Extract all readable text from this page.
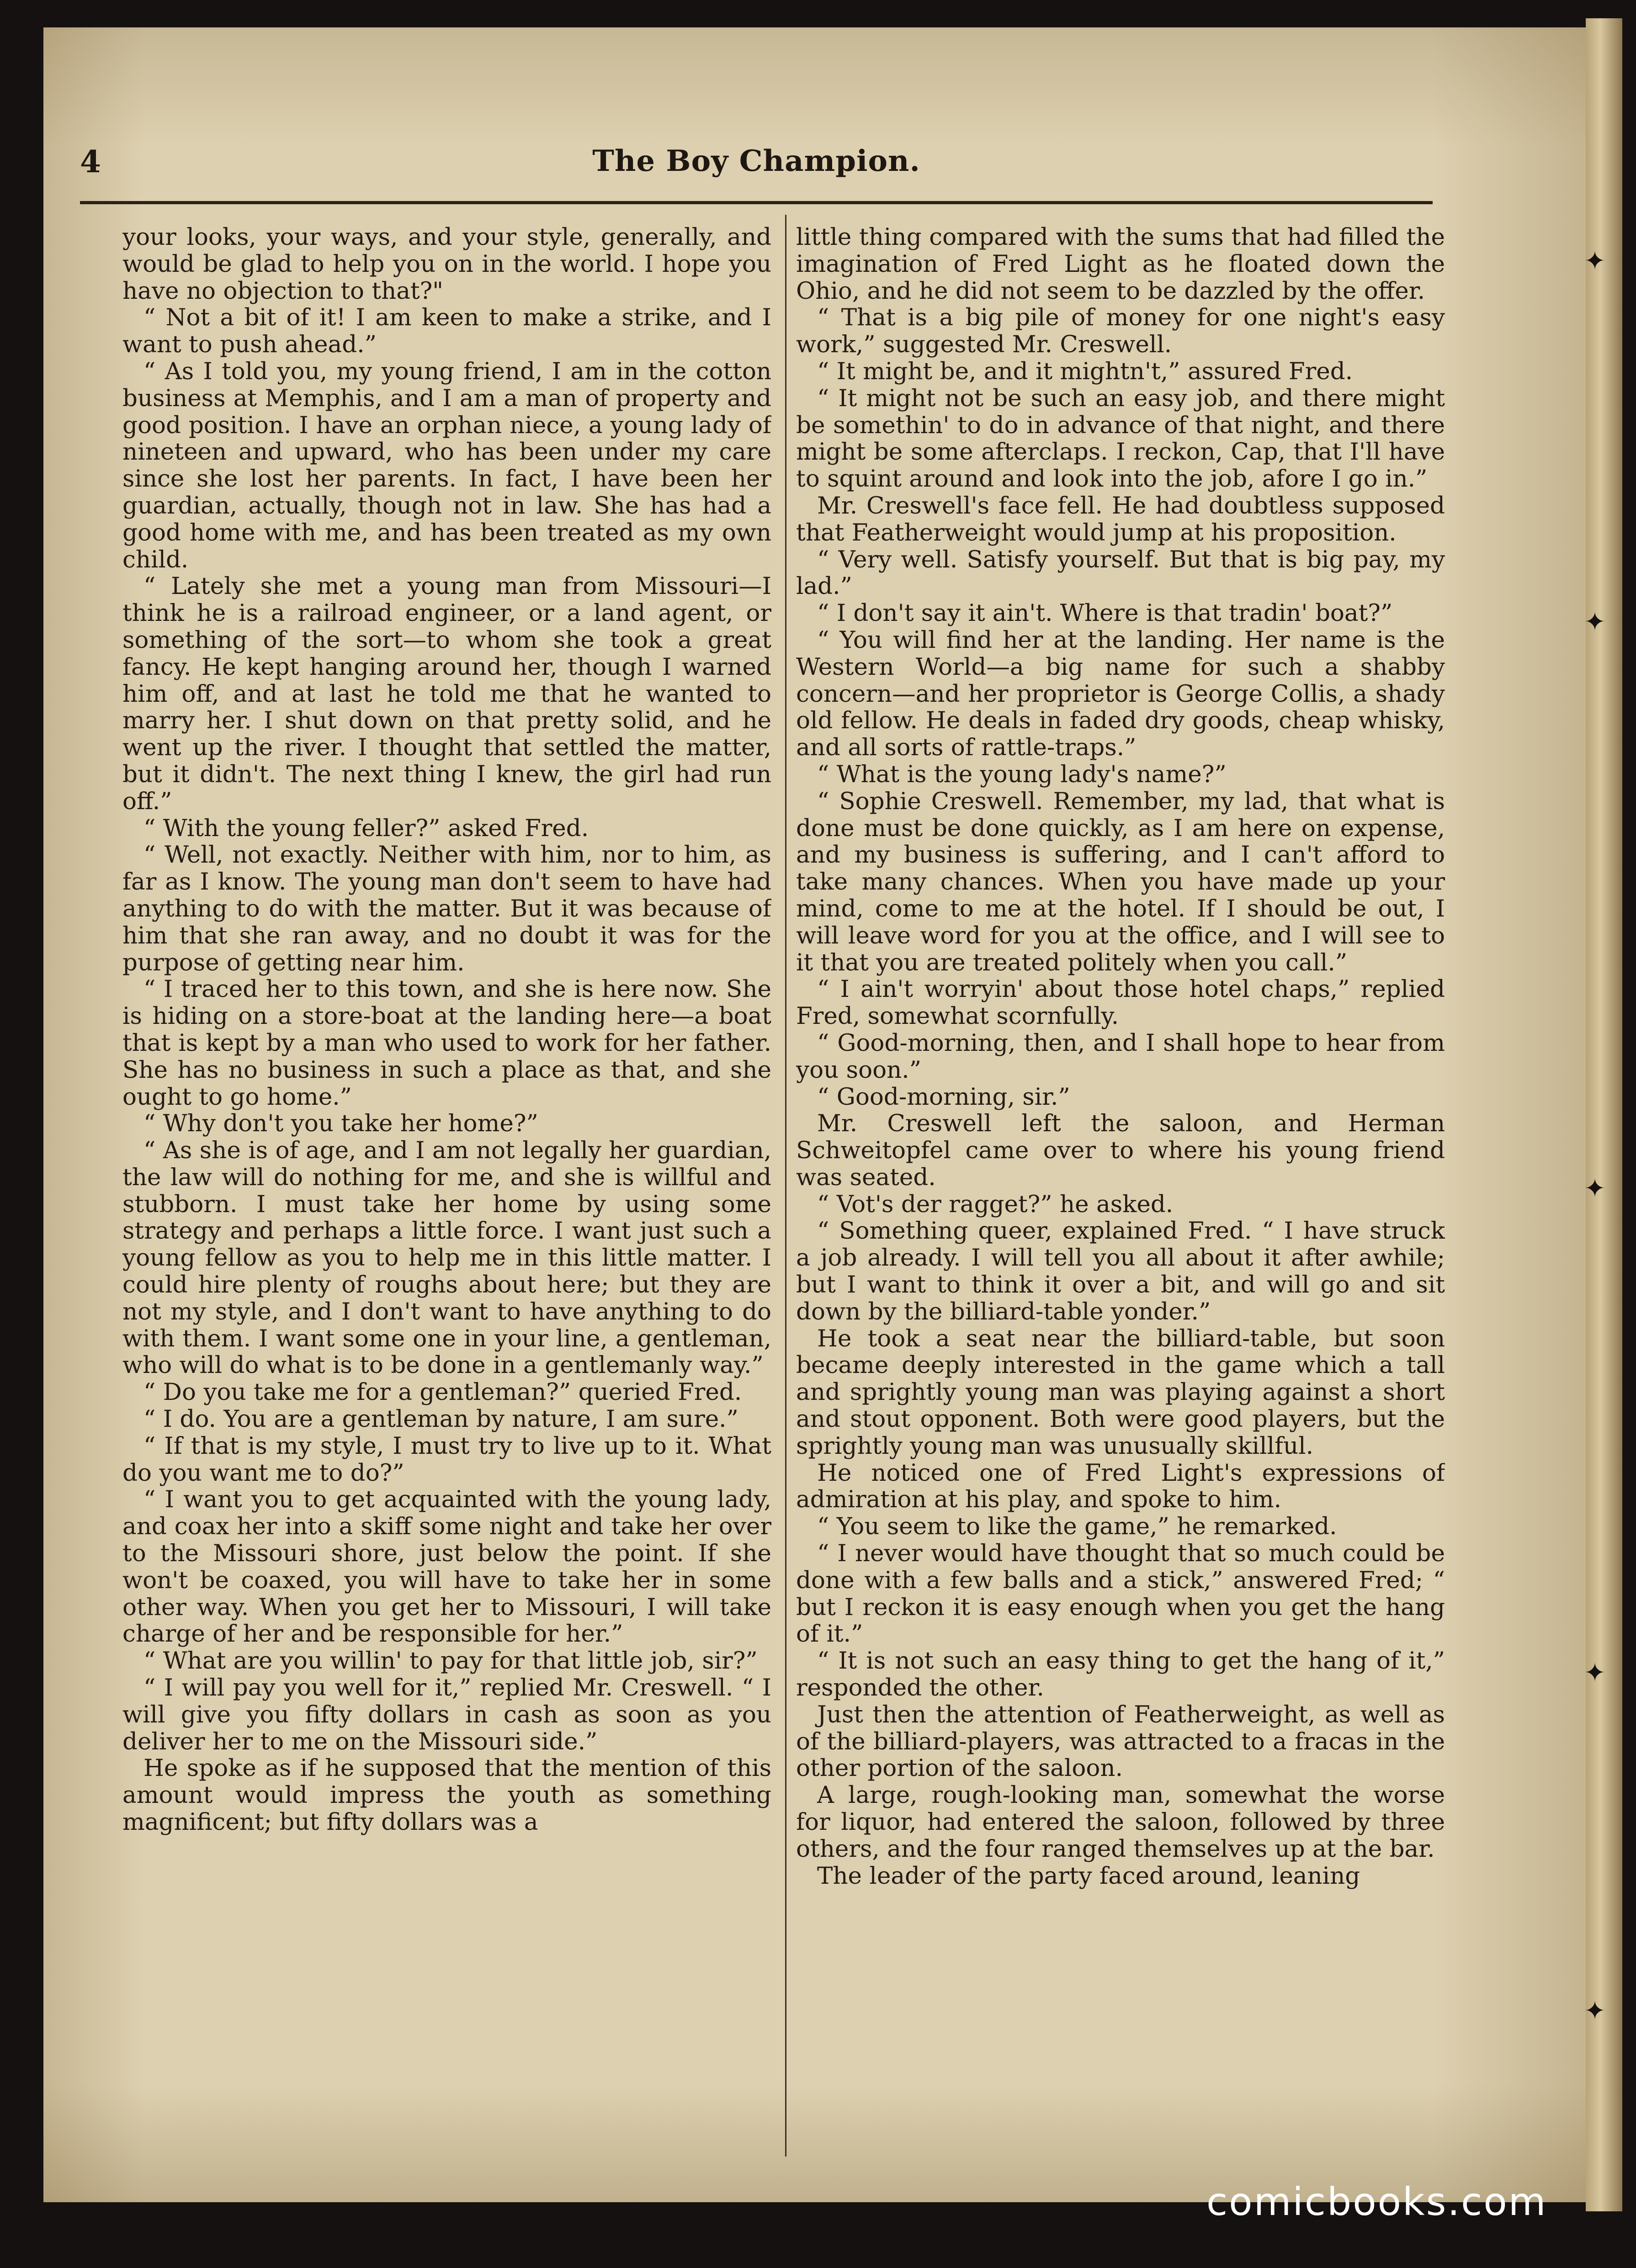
✦
✦
✦
✦
✦
4	The Boy Champion.

your looks, your ways, and your style, generally, and would be glad to help you on in the world. I hope you have no objection to that?"

“ Not a bit of it! I am keen to make a strike, and I want to push ahead.”

“ As I told you, my young friend, I am in the cotton business at Memphis, and I am a man of property and good position. I have an orphan niece, a young lady of nineteen and upward, who has been under my care since she lost her parents. In fact, I have been her guardian, actually, though not in law. She has had a good home with me, and has been treated as my own child.

“ Lately she met a young man from Missouri—I think he is a railroad engineer, or a land agent, or something of the sort—to whom she took a great fancy. He kept hanging around her, though I warned him off, and at last he told me that he wanted to marry her. I shut down on that pretty solid, and he went up the river. I thought that settled the matter, but it didn't. The next thing I knew, the girl had run off.”

“ With the young feller?” asked Fred.

“ Well, not exactly. Neither with him, nor to him, as far as I know. The young man don't seem to have had anything to do with the matter. But it was because of him that she ran away, and no doubt it was for the purpose of getting near him.

“ I traced her to this town, and she is here now. She is hiding on a store-boat at the landing here—a boat that is kept by a man who used to work for her father. She has no business in such a place as that, and she ought to go home.”

“ Why don't you take her home?”

“ As she is of age, and I am not legally her guardian, the law will do nothing for me, and she is willful and stubborn. I must take her home by using some strategy and perhaps a little force. I want just such a young fellow as you to help me in this little matter. I could hire plenty of roughs about here; but they are not my style, and I don't want to have anything to do with them. I want some one in your line, a gentleman, who will do what is to be done in a gentlemanly way.”

“ Do you take me for a gentleman?” queried Fred.

“ I do. You are a gentleman by nature, I am sure.”

“ If that is my style, I must try to live up to it. What do you want me to do?”

“ I want you to get acquainted with the young lady, and coax her into a skiff some night and take her over to the Missouri shore, just below the point. If she won't be coaxed, you will have to take her in some other way. When you get her to Missouri, I will take charge of her and be responsible for her.”

“ What are you willin' to pay for that little job, sir?”

“ I will pay you well for it,” replied Mr. Creswell. “ I will give you fifty dollars in cash as soon as you deliver her to me on the Missouri side.”

He spoke as if he supposed that the mention of this amount would impress the youth as something magnificent; but fifty dollars was a

little thing compared with the sums that had filled the imagination of Fred Light as he floated down the Ohio, and he did not seem to be dazzled by the offer.

“ That is a big pile of money for one night's easy work,” suggested Mr. Creswell.

“ It might be, and it mightn't,” assured Fred.

“ It might not be such an easy job, and there might be somethin' to do in advance of that night, and there might be some afterclaps. I reckon, Cap, that I'll have to squint around and look into the job, afore I go in.”

Mr. Creswell's face fell. He had doubtless supposed that Featherweight would jump at his proposition.

“ Very well. Satisfy yourself. But that is big pay, my lad.”

“ I don't say it ain't. Where is that tradin' boat?”

“ You will find her at the landing. Her name is the Western World—a big name for such a shabby concern—and her proprietor is George Collis, a shady old fellow. He deals in faded dry goods, cheap whisky, and all sorts of rattle-traps.”

“ What is the young lady's name?”

“ Sophie Creswell. Remember, my lad, that what is done must be done quickly, as I am here on expense, and my business is suffering, and I can't afford to take many chances. When you have made up your mind, come to me at the hotel. If I should be out, I will leave word for you at the office, and I will see to it that you are treated politely when you call.”

“ I ain't worryin' about those hotel chaps,” replied Fred, somewhat scornfully.

“ Good-morning, then, and I shall hope to hear from you soon.”

“ Good-morning, sir.”

Mr. Creswell left the saloon, and Herman Schweitopfel came over to where his young friend was seated.

“ Vot's der ragget?” he asked.

“ Something queer, explained Fred. “ I have struck a job already. I will tell you all about it after awhile; but I want to think it over a bit, and will go and sit down by the billiard-table yonder.”

He took a seat near the billiard-table, but soon became deeply interested in the game which a tall and sprightly young man was playing against a short and stout opponent. Both were good players, but the sprightly young man was unusually skillful.

He noticed one of Fred Light's expressions of admiration at his play, and spoke to him.

“ You seem to like the game,” he remarked.

“ I never would have thought that so much could be done with a few balls and a stick,” answered Fred; “ but I reckon it is easy enough when you get the hang of it.”

“ It is not such an easy thing to get the hang of it,” responded the other.

Just then the attention of Featherweight, as well as of the billiard-players, was attracted to a fracas in the other portion of the saloon.

A large, rough-looking man, somewhat the worse for liquor, had entered the saloon, followed by three others, and the four ranged themselves up at the bar.

The leader of the party faced around, leaning

comicbooks.com
